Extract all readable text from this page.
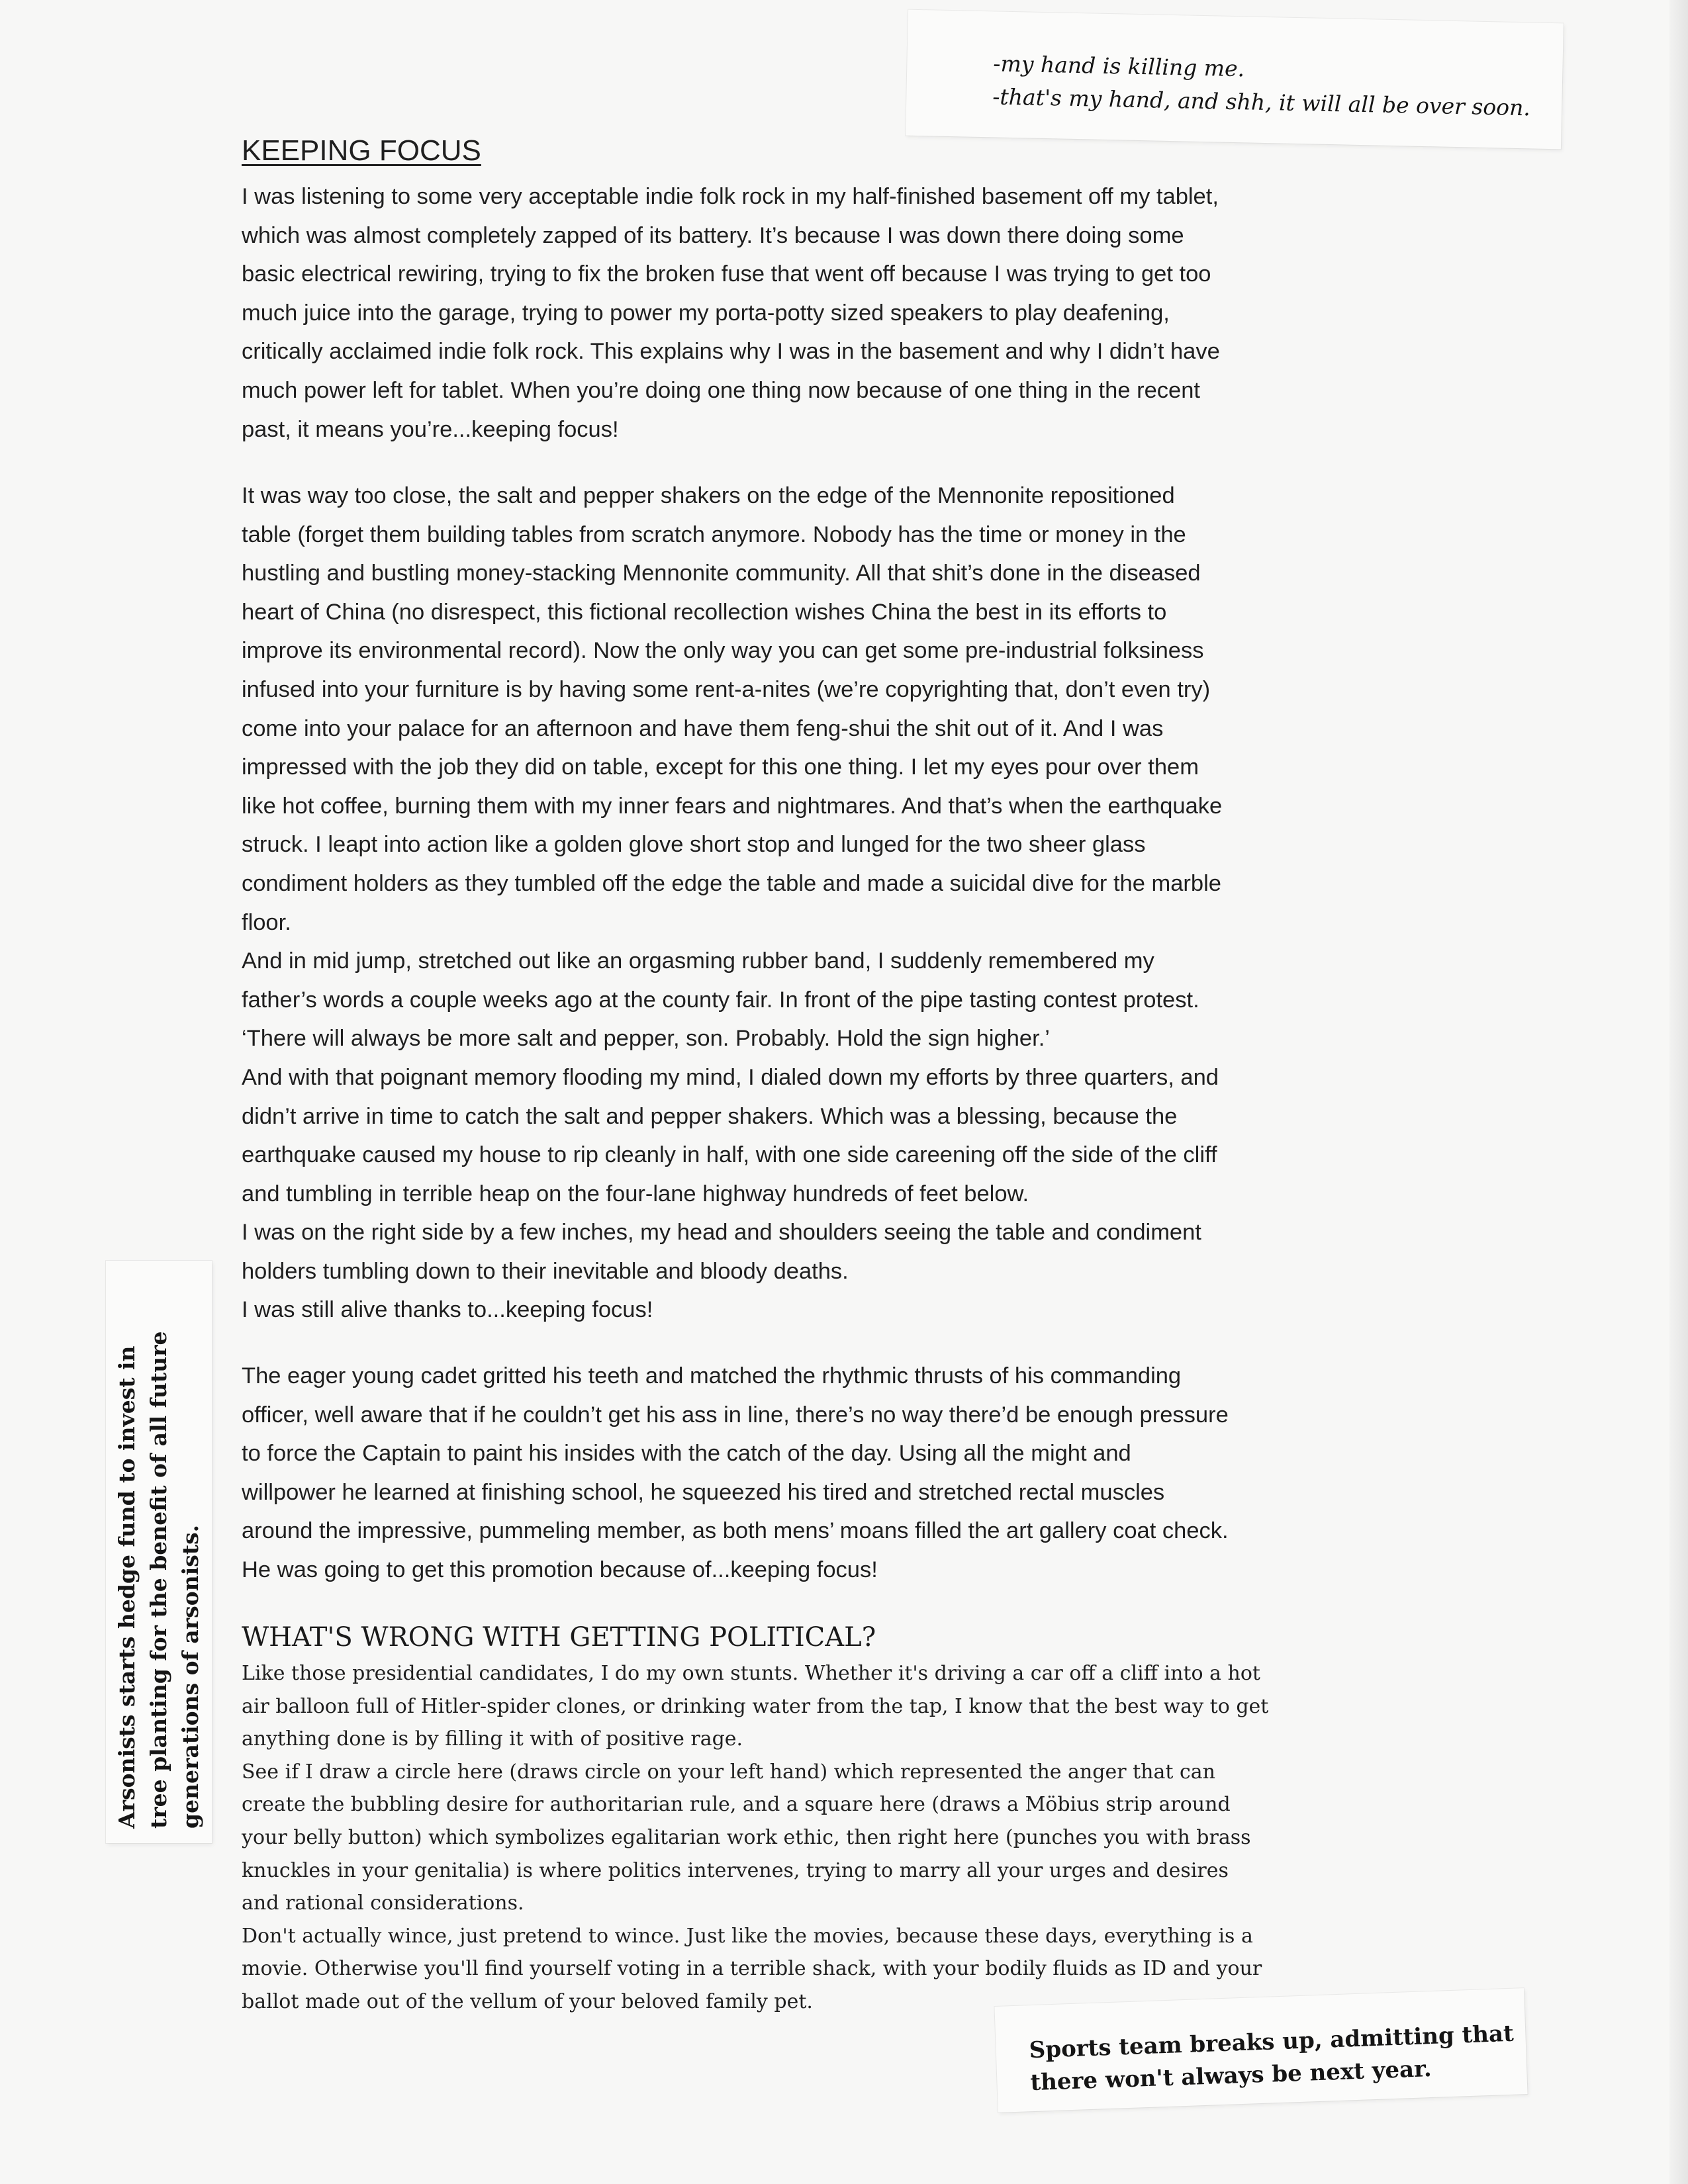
-my hand is killing me.
-that's my hand, and shh, it will all be over soon.
KEEPING FOCUS
I was listening to some very acceptable indie folk rock in my half-finished basement off my tablet,
which was almost completely zapped of its battery. It’s because I was down there doing some
basic electrical rewiring, trying to fix the broken fuse that went off because I was trying to get too
much juice into the garage, trying to power my porta-potty sized speakers to play deafening,
critically acclaimed indie folk rock. This explains why I was in the basement and why I didn’t have
much power left for tablet. When you’re doing one thing now because of one thing in the recent
past, it means you’re...keeping focus!
It was way too close, the salt and pepper shakers on the edge of the Mennonite repositioned
table (forget them building tables from scratch anymore. Nobody has the time or money in the
hustling and bustling money-stacking Mennonite community. All that shit’s done in the diseased
heart of China (no disrespect, this fictional recollection wishes China the best in its efforts to
improve its environmental record). Now the only way you can get some pre-industrial folksiness
infused into your furniture is by having some rent-a-nites (we’re copyrighting that, don’t even try)
come into your palace for an afternoon and have them feng-shui the shit out of it. And I was
impressed with the job they did on table, except for this one thing. I let my eyes pour over them
like hot coffee, burning them with my inner fears and nightmares. And that’s when the earthquake
struck. I leapt into action like a golden glove short stop and lunged for the two sheer glass
condiment holders as they tumbled off the edge the table and made a suicidal dive for the marble
floor.
And in mid jump, stretched out like an orgasming rubber band, I suddenly remembered my
father’s words a couple weeks ago at the county fair. In front of the pipe tasting contest protest.
‘There will always be more salt and pepper, son. Probably. Hold the sign higher.’
And with that poignant memory flooding my mind, I dialed down my efforts by three quarters, and
didn’t arrive in time to catch the salt and pepper shakers. Which was a blessing, because the
earthquake caused my house to rip cleanly in half, with one side careening off the side of the cliff
and tumbling in terrible heap on the four-lane highway hundreds of feet below.
I was on the right side by a few inches, my head and shoulders seeing the table and condiment
holders tumbling down to their inevitable and bloody deaths.
I was still alive thanks to...keeping focus!
Arsonists starts hedge fund to invest in tree planting for the benefit of all future generations of arsonists.
The eager young cadet gritted his teeth and matched the rhythmic thrusts of his commanding
officer, well aware that if he couldn’t get his ass in line, there’s no way there’d be enough pressure
to force the Captain to paint his insides with the catch of the day. Using all the might and
willpower he learned at finishing school, he squeezed his tired and stretched rectal muscles
around the impressive, pummeling member, as both mens’ moans filled the art gallery coat check.
He was going to get this promotion because of...keeping focus!
WHAT'S WRONG WITH GETTING POLITICAL?
Like those presidential candidates, I do my own stunts. Whether it's driving a car off a cliff into a hot
air balloon full of Hitler-spider clones, or drinking water from the tap, I know that the best way to get
anything done is by filling it with of positive rage.
See if I draw a circle here (draws circle on your left hand) which represented the anger that can
create the bubbling desire for authoritarian rule, and a square here (draws a Möbius strip around
your belly button) which symbolizes egalitarian work ethic, then right here (punches you with brass
knuckles in your genitalia) is where politics intervenes, trying to marry all your urges and desires
and rational considerations.
Don't actually wince, just pretend to wince. Just like the movies, because these days, everything is a
movie. Otherwise you'll find yourself voting in a terrible shack, with your bodily fluids as ID and your
ballot made out of the vellum of your beloved family pet.
Sports team breaks up, admitting that
there won't always be next year.
